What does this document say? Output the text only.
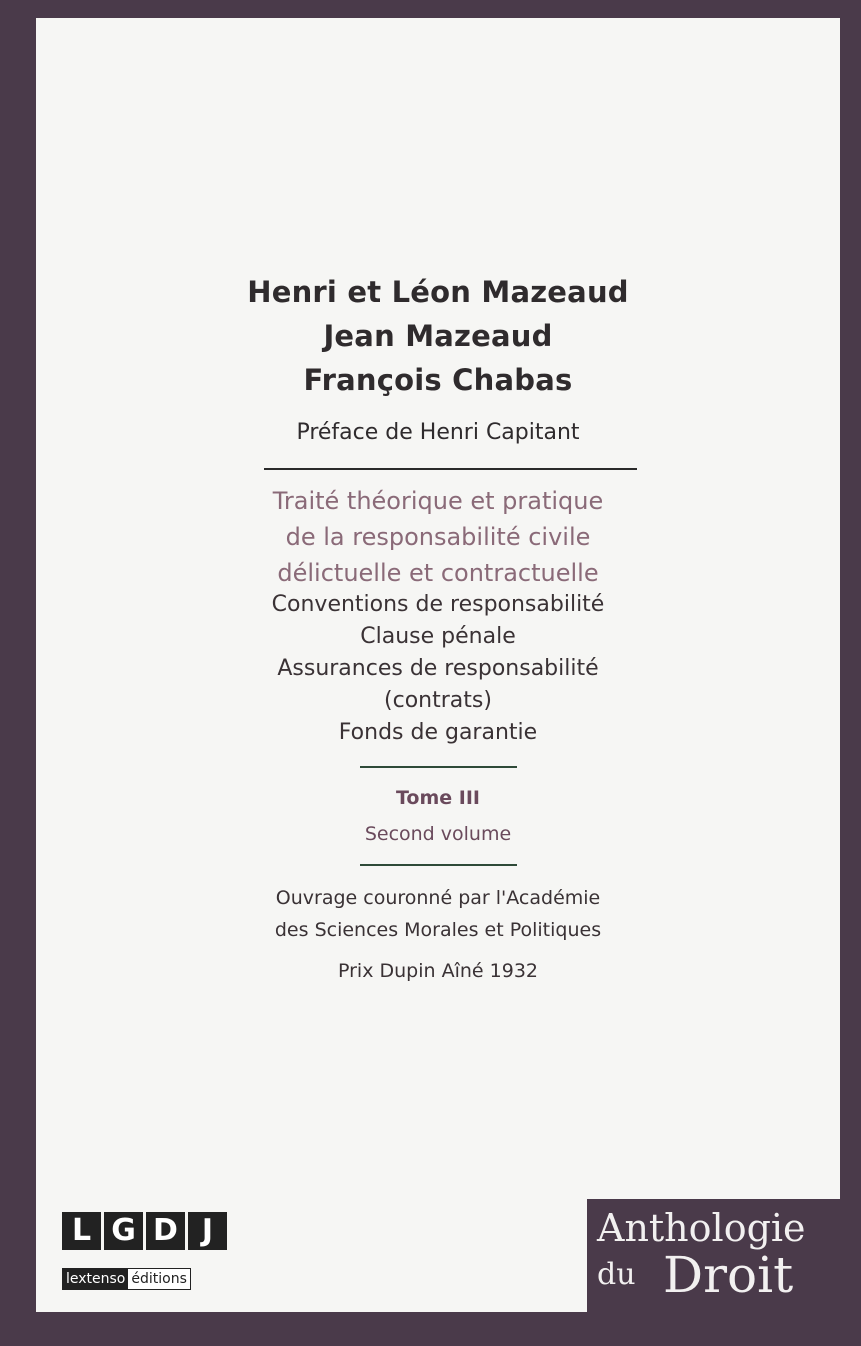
Henri et Léon Mazeaud
Jean Mazeaud
François Chabas
Préface de Henri Capitant
Traité théorique et pratique
de la responsabilité civile
délictuelle et contractuelle
Conventions de responsabilité
Clause pénale
Assurances de responsabilité
(contrats)
Fonds de garantie
Tome III
Second volume
Ouvrage couronné par l'Académie
des Sciences Morales et Politiques
Prix Dupin Aîné 1932
L G D J
lextenso éditions
Anthologie
du Droit
